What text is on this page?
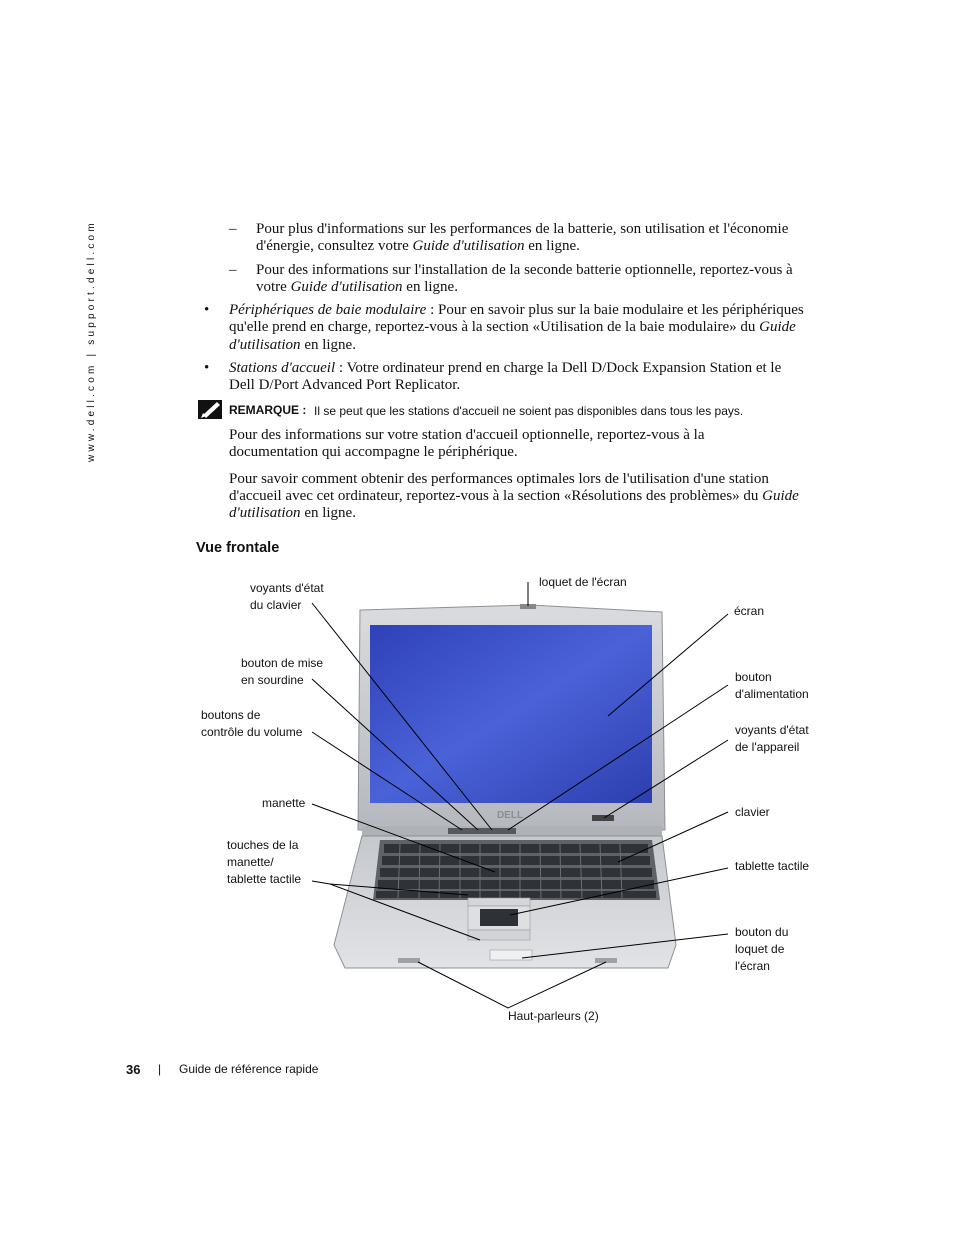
www.dell.com | support.dell.com	– Pour plus d'informations sur les performances de la batterie, son utilisation et l'économie
d'énergie, consultez votre Guide d'utilisation en ligne.
– Pour des informations sur l'installation de la seconde batterie optionnelle, reportez-vous à
votre Guide d'utilisation en ligne.
• Périphériques de baie modulaire : Pour en savoir plus sur la baie modulaire et les périphériques
qu'elle prend en charge, reportez-vous à la section «Utilisation de la baie modulaire» du Guide
d'utilisation en ligne.
• Stations d'accueil : Votre ordinateur prend en charge la Dell D/Dock Expansion Station et le
Dell D/Port Advanced Port Replicator.
REMARQUE : Il se peut que les stations d'accueil ne soient pas disponibles dans tous les pays.
Pour des informations sur votre station d'accueil optionnelle, reportez-vous à la
documentation qui accompagne le périphérique.
Pour savoir comment obtenir des performances optimales lors de l'utilisation d'une station
d'accueil avec cet ordinateur, reportez-vous à la section «Résolutions des problèmes» du Guide
d'utilisation en ligne.
Vue frontale
DELL
voyants d'état
du clavier
bouton de mise
en sourdine
boutons de
contrôle du volume
manette
touches de la
manette/
tablette tactile
loquet de l'écran
écran
bouton
d'alimentation
voyants d'état
de l'appareil
clavier
tablette tactile
bouton du
loquet de
l'écran
Haut-parleurs (2)
36 | Guide de référence rapide
